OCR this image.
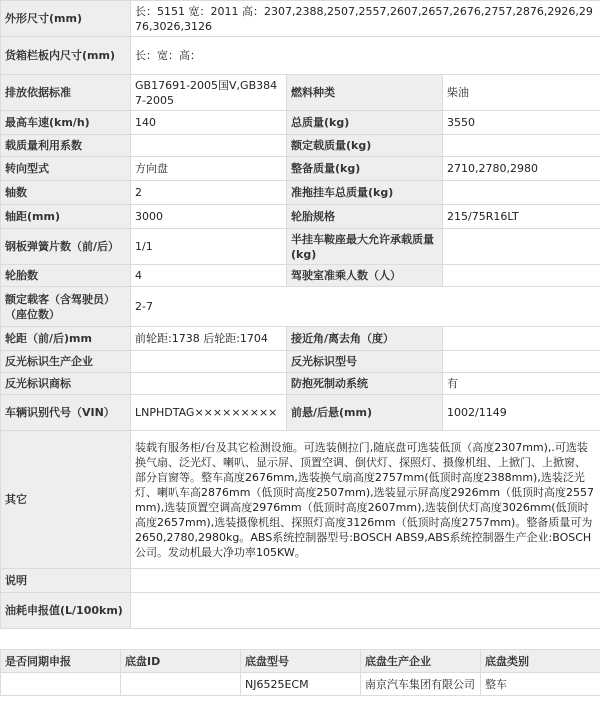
外形尺寸(mm)	长：5151 宽：2011 高：2307,2388,2507,2557,2607,2657,2676,2757,2876,2926,2976,3026,3126		
货箱栏板内尺寸(mm)	长：宽：高：		
排放依据标准	GB17691-2005国V,GB3847-2005	燃料种类	柴油
最高车速(km/h)	140	总质量(kg)	3550
载质量利用系数		额定载质量(kg)	
转向型式	方向盘	整备质量(kg)	2710,2780,2980
轴数	2	准拖挂车总质量(kg)	
轴距(mm)	3000	轮胎规格	215/75R16LT
钢板弹簧片数（前/后）	1/1	半挂车鞍座最大允许承载质量(kg)	
轮胎数	4	驾驶室准乘人数（人）	
额定载客（含驾驶员）（座位数）	2-7		
轮距（前/后)mm	前轮距:1738 后轮距:1704	接近角/离去角（度）	
反光标识生产企业		反光标识型号	
反光标识商标		防抱死制动系统	有
车辆识别代号（VIN）	LNPHDTAG×××××××××	前悬/后悬(mm)	1002/1149
其它	装载有服务柜/台及其它检测设施。可选装侧拉门,随底盘可选装低顶（高度2307mm),.可选装换气扇、泛光灯、喇叭、显示屏、顶置空调、倒伏灯、探照灯、摄像机组、上掀门、上掀窗、部分盲窗等。整车高度2676mm,选装换气扇高度2757mm(低顶时高度2388mm),选装泛光灯、喇叭车高2876mm（低顶时高度2507mm),选装显示屏高度2926mm（低顶时高度2557mm),选装顶置空调高度2976mm（低顶时高度2607mm),选装倒伏灯高度3026mm(低顶时高度2657mm),选装摄像机组、探照灯高度3126mm（低顶时高度2757mm)。整备质量可为2650,2780,2980kg。ABS系统控制器型号:BOSCH ABS9,ABS系统控制器生产企业:BOSCH公司。发动机最大净功率105KW。		
说明			
油耗申报值(L/100km)			
是否同期申报	底盘ID	底盘型号	底盘生产企业	底盘类别
		NJ6525ECM	南京汽车集团有限公司	整车
